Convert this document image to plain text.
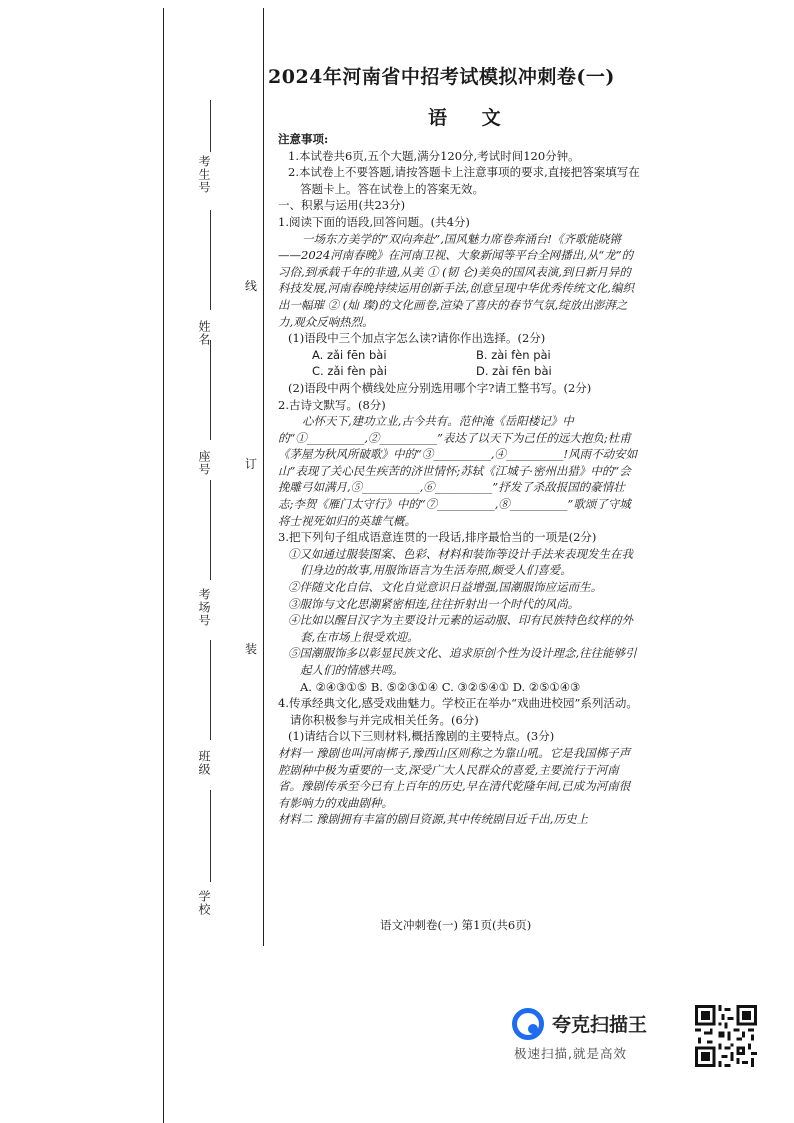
考生号
姓名
座号
考场号
班级
学校
线
订
装
2024年河南省中招考试模拟冲刺卷(一)
语 文

注意事项:

1.本试卷共6页,五个大题,满分120分,考试时间120分钟。

2.本试卷上不要答题,请按答题卡上注意事项的要求,直接把答案填写在答题卡上。答在试卷上的答案无效。

一、积累与运用(共23分)

1.阅读下面的语段,回答问题。(共4分)

一场东方美学的“双向奔赴”,国风魅力席卷奔涌台!《齐歌能晓锵——2024河南春晚》在河南卫视、大象新闻等平台全网播出,从“龙”的习俗,到承载千年的非遗,从美 ① (韧 仑)美奂的国风表演,到日新月异的科技发展,河南春晚持续运用创新手法,创意呈现中华优秀传统文化,编织出一幅璀 ② (灿 璨)的文化画卷,渲染了喜庆的春节气氛,绽放出澎湃之力,观众反响热烈。

(1)语段中三个加点字怎么读?请你作出选择。(2分)

A. zǎi fēn bài	B. zài fèn pài
C. zǎi fèn pài	D. zài fēn bài

(2)语段中两个横线处应分别选用哪个字?请工整书写。(2分)

2.古诗文默写。(8分)

心怀天下,建功立业,古今共有。范仲淹《岳阳楼记》中的“①__________,②__________”表达了以天下为己任的远大抱负;杜甫《茅屋为秋风所破歌》中的“③__________,④__________!风雨不动安如山”表现了关心民生疾苦的济世情怀;苏轼《江城子·密州出猎》中的“会挽雕弓如满月,⑤__________,⑥__________”抒发了杀敌报国的豪情壮志;李贺《雁门太守行》中的“⑦__________,⑧__________”歌颂了守城将士视死如归的英雄气概。

3.把下列句子组成语意连贯的一段话,排序最恰当的一项是(2分)

①又如通过服装图案、色彩、材料和装饰等设计手法来表现发生在我们身边的故事,用服饰语言为生活寿照,颇受人们喜爱。

②伴随文化自信、文化自觉意识日益增强,国潮服饰应运而生。

③服饰与文化思潮紧密相连,往往折射出一个时代的风尚。

④比如以醒目汉字为主要设计元素的运动服、印有民族特色纹样的外套,在市场上很受欢迎。

⑤国潮服饰多以彰显民族文化、追求原创个性为设计理念,往往能够引起人们的情感共鸣。

A. ②④③①⑤ B. ⑤②③①④ C. ③②⑤④① D. ②⑤①④③

4.传承经典文化,感受戏曲魅力。学校正在举办“戏曲进校园”系列活动。请你积极参与并完成相关任务。(6分)

(1)请结合以下三则材料,概括豫剧的主要特点。(3分)

材料一 豫剧也叫河南梆子,豫西山区则称之为靠山吼。它是我国梆子声腔剧种中极为重要的一支,深受广大人民群众的喜爱,主要流行于河南省。豫剧传承至今已有上百年的历史,早在清代乾隆年间,已成为河南很有影响力的戏曲剧种。

材料二 豫剧拥有丰富的剧目资源,其中传统剧目近千出,历史上

语文冲刺卷(一) 第1页(共6页)
夸克扫描王
极速扫描,就是高效
